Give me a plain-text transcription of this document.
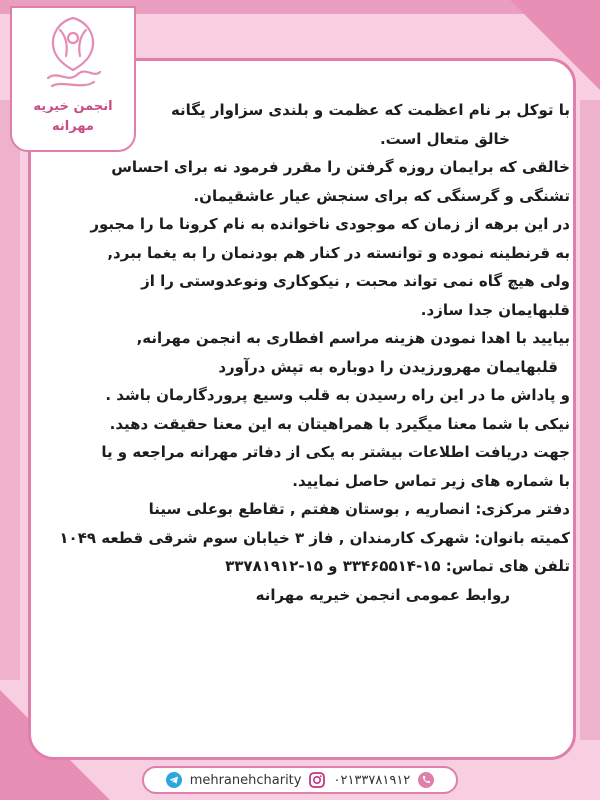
انجمن خیریه
مهرانه
با توکل بر نام اعظمت که عظمت و بلندی سزاوار یگانه
خالق متعال است.
خالقی که برایمان روزه گرفتن را مقرر فرمود نه برای احساس
تشنگی و گرسنگی که برای سنجش عیار عاشقیمان.
در این برهه از زمان که موجودی ناخوانده به نام کرونا ما را مجبور
به قرنطینه نموده و توانسته در کنار هم بودنمان را به یغما ببرد,
ولی هیچ گاه نمی تواند محبت , نیکوکاری ونوعدوستی را از
قلبهایمان جدا سازد.
بیایید با اهدا نمودن هزینه مراسم افطاری به انجمن مهرانه,
قلبهایمان مهرورزیدن را دوباره به تپش درآورد
و پاداش ما در این راه رسیدن به قلب وسیع پروردگارمان باشد .
نیکی با شما معنا میگیرد با همراهیتان به این معنا حقیقت دهید.
جهت دریافت اطلاعات بیشتر به یکی از دفاتر مهرانه مراجعه و یا
با شماره های زیر تماس حاصل نمایید.
دفتر مرکزی: انصاریه , بوستان هفتم , تقاطع بوعلی سینا
کمیته بانوان: شهرک کارمندان , فاز ۳ خیابان سوم شرقی قطعه ۱۰۴۹
تلفن های تماس: ۱۵-۳۳۴۶۵۵۱۴ و ۱۵-۳۳۷۸۱۹۱۲
روابط عمومی انجمن خیریه مهرانه
mehranehcharity ۰۲۱۳۳۷۸۱۹۱۲
